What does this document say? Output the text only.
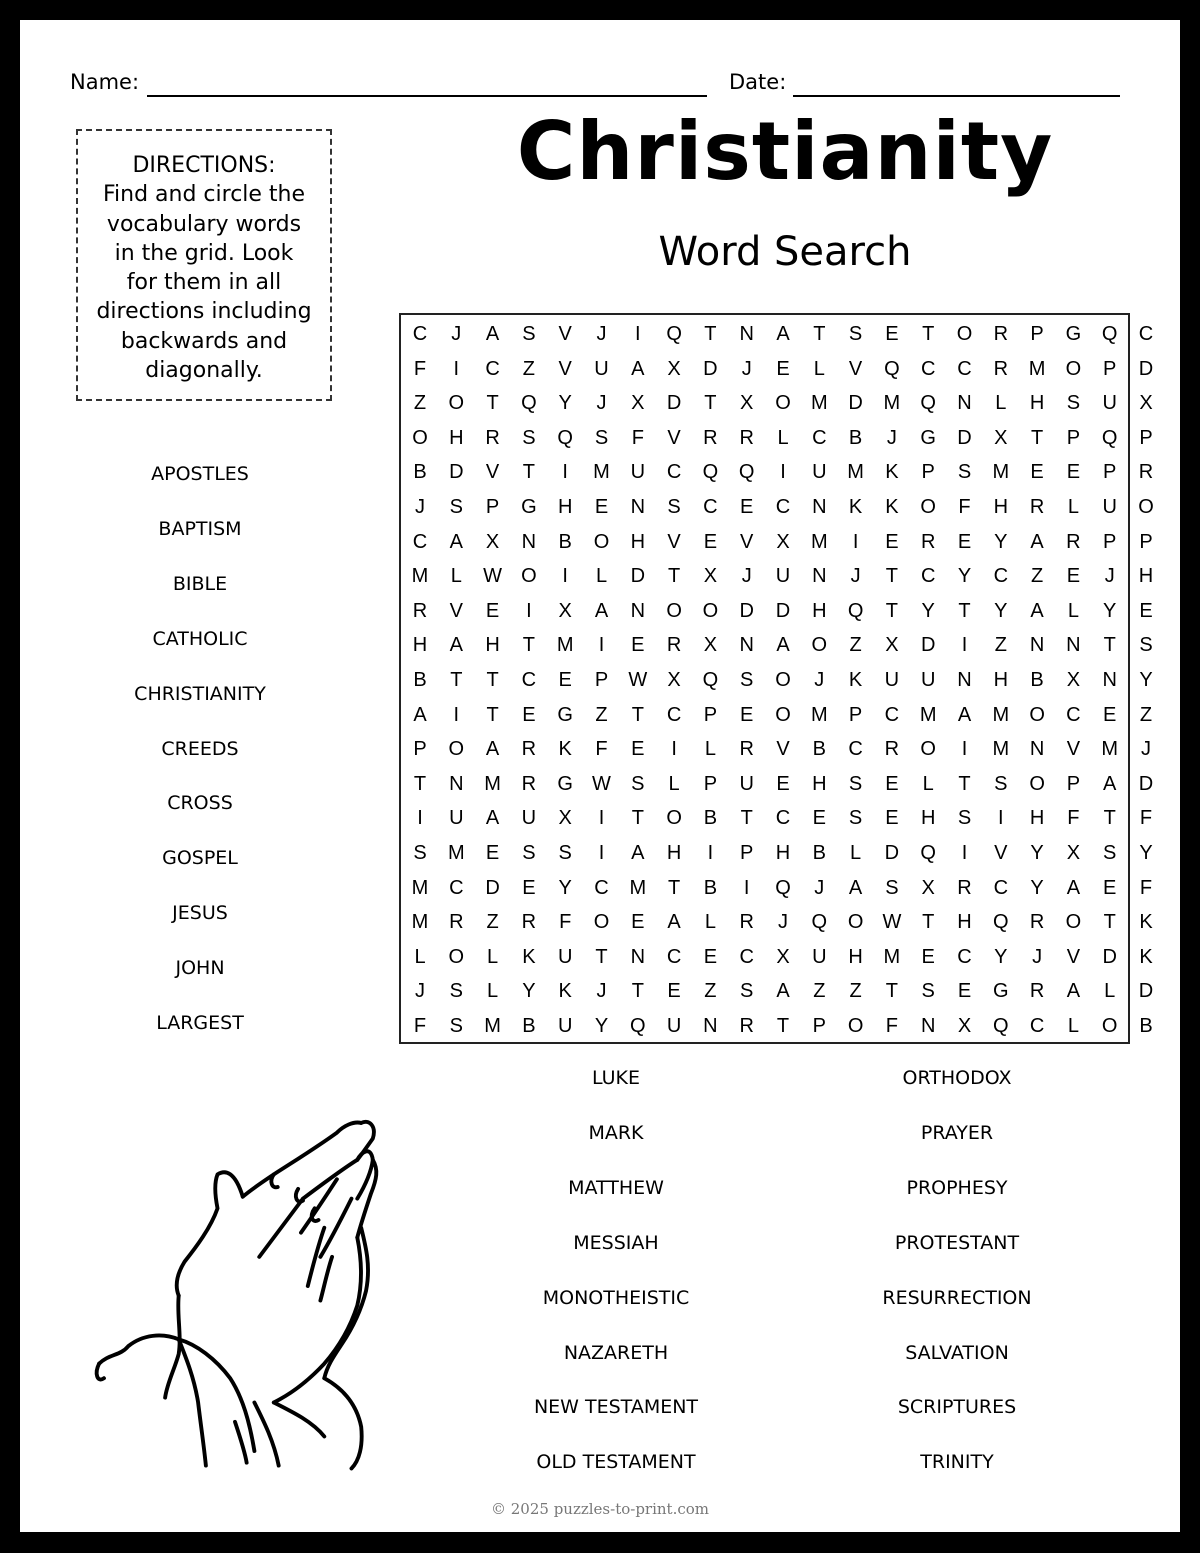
Name:	Date:
DIRECTIONS:
Find and circle the
vocabulary words
in the grid. Look
for them in all
directions including
backwards and
diagonally.
Christianity
Word Search
C	J	A	S	V	J	I	Q	T	N	A	T	S	E	T	O	R	P	G	Q	C
F	I	C	Z	V	U	A	X	D	J	E	L	V	Q	C	C	R	M	O	P	D
Z	O	T	Q	Y	J	X	D	T	X	O	M	D	M	Q	N	L	H	S	U	X
O	H	R	S	Q	S	F	V	R	R	L	C	B	J	G	D	X	T	P	Q	P
B	D	V	T	I	M	U	C	Q	Q	I	U	M	K	P	S	M	E	E	P	R
J	S	P	G	H	E	N	S	C	E	C	N	K	K	O	F	H	R	L	U	O
C	A	X	N	B	O	H	V	E	V	X	M	I	E	R	E	Y	A	R	P	P
M	L	W O	I	L	D	T	X	J	U	N	J	T	C	Y	C	Z	E	J	H
R	V	E	I	X	A	N	O	O	D	D	H	Q	T	Y	T	Y	A	L	Y	E
H	A	H	T	M	I	E	R	X	N	A	O	Z	X	D	I	Z	N	N	T	S
B	T	T	C	E	P	W	X	Q	S	O	J	K	U	U	N	H	B	X	N	Y
A	I	T	E	G	Z	T	C	P	E	O	M	P	C	M	A	M	O	C	E	Z
P	O	A	R	K	F	E	I	L	R	V	B	C	R	O	I	M	N	V	M	J
T	N	M	R	G W	S	L	P	U	E	H	S	E	L	T	S	O	P	A	D
I	U	A	U	X	I	T	O	B	T	C	E	S	E	H	S	I	H	F	T	F
S	M	E	S	S	I	A	H	I	P	H	B	L	D	Q	I	V	Y	X	S	Y
M	C	D	E	Y	C	M	T	B	I	Q	J	A	S	X	R	C	Y	A	E	F
M	R	Z	R	F	O	E	A	L	R	J	Q	O W	T	H	Q	R	O	T	K
L	O	L	K	U	T	N	C	E	C	X	U	H	M	E	C	Y	J	V	D	K
J	S	L	Y	K	J	T	E	Z	S	A	Z	Z	T	S	E	G	R	A	L	D
F	S	M	B	U	Y	Q	U	N	R	T	P	O	F	N	X	Q	C	L	O	B
APOSTLES
BAPTISM
BIBLE
CATHOLIC
CHRISTIANITY
CREEDS
CROSS
GOSPEL
JESUS
JOHN
LARGEST
LUKE
MARK
MATTHEW
MESSIAH
MONOTHEISTIC
NAZARETH
NEW TESTAMENT
OLD TESTAMENT
ORTHODOX
PRAYER
PROPHESY
PROTESTANT
RESURRECTION
SALVATION
SCRIPTURES
TRINITY
© 2025 puzzles-to-print.com
